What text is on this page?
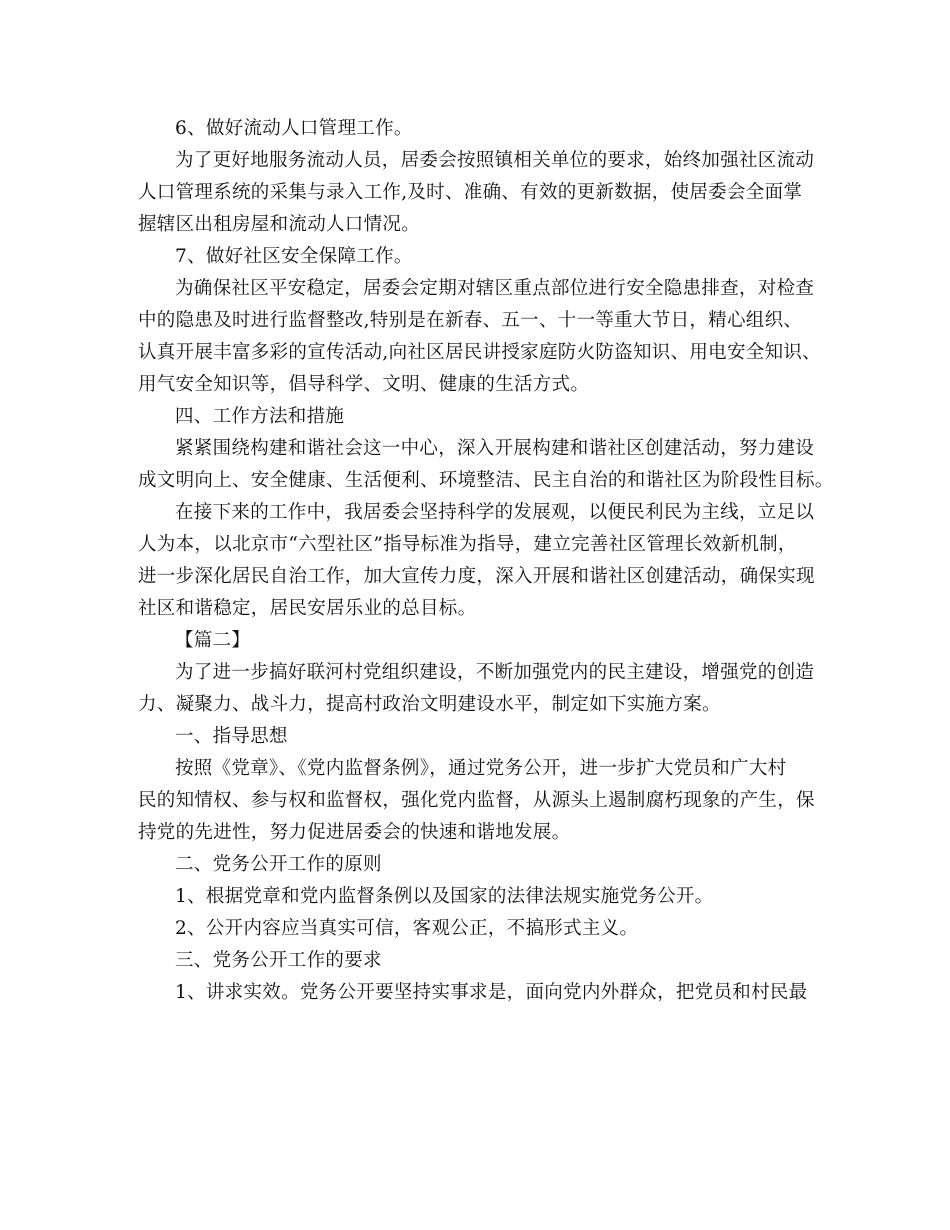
6、做好流动人口管理工作。
为了更好地服务流动人员，居委会按照镇相关单位的要求，始终加强社区流动
人口管理系统的采集与录入工作,及时、准确、有效的更新数据，使居委会全面掌
握辖区出租房屋和流动人口情况。
7、做好社区安全保障工作。
为确保社区平安稳定，居委会定期对辖区重点部位进行安全隐患排查，对检查
中的隐患及时进行监督整改,特别是在新春、五一、十一等重大节日，精心组织、
认真开展丰富多彩的宣传活动,向社区居民讲授家庭防火防盗知识、用电安全知识、
用气安全知识等，倡导科学、文明、健康的生活方式。
四、工作方法和措施
紧紧围绕构建和谐社会这一中心，深入开展构建和谐社区创建活动，努力建设
成文明向上、安全健康、生活便利、环境整洁、民主自治的和谐社区为阶段性目标。
在接下来的工作中，我居委会坚持科学的发展观，以便民利民为主线，立足以
人为本，以北京市“六型社区”指导标准为指导，建立完善社区管理长效新机制，
进一步深化居民自治工作，加大宣传力度，深入开展和谐社区创建活动，确保实现
社区和谐稳定，居民安居乐业的总目标。
【篇二】
为了进一步搞好联河村党组织建设，不断加强党内的民主建设，增强党的创造
力、凝聚力、战斗力，提高村政治文明建设水平，制定如下实施方案。
一、指导思想
按照《党章》、《党内监督条例》，通过党务公开，进一步扩大党员和广大村
民的知情权、参与权和监督权，强化党内监督，从源头上遏制腐朽现象的产生，保
持党的先进性，努力促进居委会的快速和谐地发展。
二、党务公开工作的原则
1、根据党章和党内监督条例以及国家的法律法规实施党务公开。
2、公开内容应当真实可信，客观公正，不搞形式主义。
三、党务公开工作的要求
1、讲求实效。党务公开要坚持实事求是，面向党内外群众，把党员和村民最
